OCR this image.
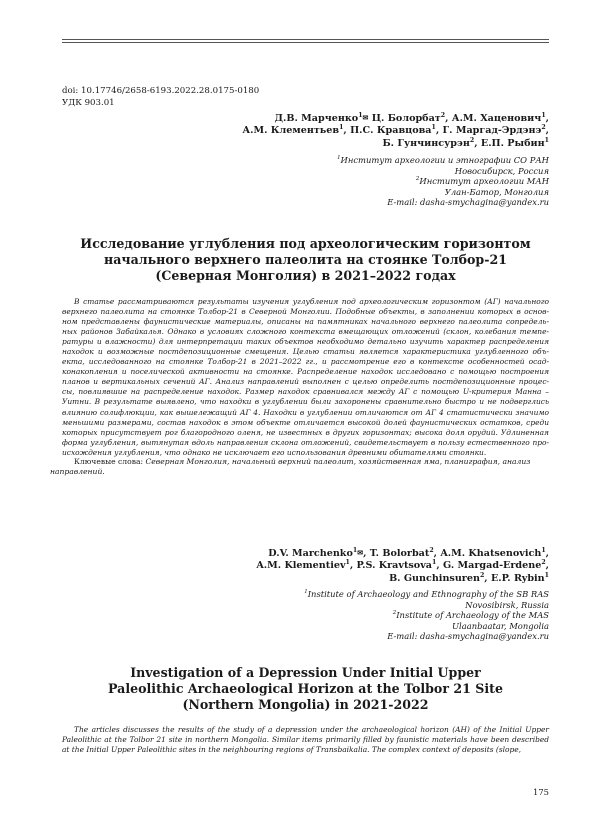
doi: 10.17746/2658-6193.2022.28.0175-0180
УДК 903.01
Д.В. Марченко$^1$✉ Ц. Болорбат$^2$, А.М. Хаценович$^1$,
А.М. Клементьев$^1$, П.С. Кравцова$^1$, Г. Маргад-Эрдэнэ$^2$,
Б. Гунчинсурэн$^2$, Е.П. Рыбин$^1$
$^1$Институт археологии и этнографии СО РАН
Новосибирск, Россия
$^2$Институт археологии МАН
Улан-Батор, Монголия
E-mail: dasha-smychagina@yandex.ru
Исследование углубления под археологическим горизонтом
начального верхнего палеолита на стоянке Толбор-21
(Северная Монголия) в 2021–2022 годах
В статье рассматриваются результаты изучения углубления под археологическим горизонтом (АГ) начального верхнего палеолита на стоянке Толбор-21 в Северной Монголии. Подобные объекты, в заполнении которых в основ- ном представлены фаунистические материалы, описаны на памятниках начального верхнего палеолита сопредель- ных районов Забайкалья. Однако в условиях сложного контекста вмещающих отложений (склон, колебания темпе- ратуры и влажности) для интерпретации таких объектов необходимо детально изучить характер распределения находок и возможные постдепозиционные смещения. Целью статьи является характеристика углубленного объ- екта, исследованного на стоянке Толбор-21 в 2021–2022 гг., и рассмотрение его в контексте особенностей осад- конакопления и поселической активности на стоянке. Распределение находок исследовано с помощью построения планов и вертикальных сечений АГ. Анализ направлений выполнен с целью определить постдепозиционные процес- сы, повлиявшие на распределение находок. Размер находок сравнивался между АГ с помощью U-критерия Манна – Уитни. В результате выявлено, что находки в углублении были захоронены сравнительно быстро и не подверглись влиянию солифлюкции, как вышележащий АГ 4. Находки в углублении отличаются от АГ 4 статистически значимо меньшими размерами, состав находок в этом объекте отличается высокой долей фаунистических остатков, среди которых присутствует рог благородного оленя, не известных в других горизонтах; высока доля орудий. Удлиненная форма углубления, вытянутая вдоль направления склона отложений, свидетельствует в пользу естественного про- исхождения углубления, что однако не исключает его использования древними обитателями стоянки.
Ключевые слова: Северная Монголия, начальный верхний палеолит, хозяйственная яма, планиграфия, анализ
направлений.
D.V. Marchenko$^1$✉, T. Bolorbat$^2$, A.M. Khatsenovich$^1$,
A.M. Klementiev$^1$, P.S. Kravtsova$^1$, G. Margad-Erdene$^2$,
B. Gunchinsuren$^2$, E.P. Rybin$^1$
$^1$Institute of Archaeology and Ethnography of the SB RAS
Novosibirsk, Russia
$^2$Institute of Archaeology of the MAS
Ulaanbaatar, Mongolia
E-mail: dasha-smychagina@yandex.ru
Investigation of a Depression Under Initial Upper
Paleolithic Archaeological Horizon at the Tolbor 21 Site
(Northern Mongolia) in 2021-2022
The articles discusses the results of the study of a depression under the archaeological horizon (AH) of the Initial Upper Paleolithic at the Tolbor 21 site in northern Mongolia. Similar items primarily filled by faunistic materials have been described at the Initial Upper Paleolithic sites in the neighbouring regions of Transbaikalia. The complex context of deposits (slope,
175
